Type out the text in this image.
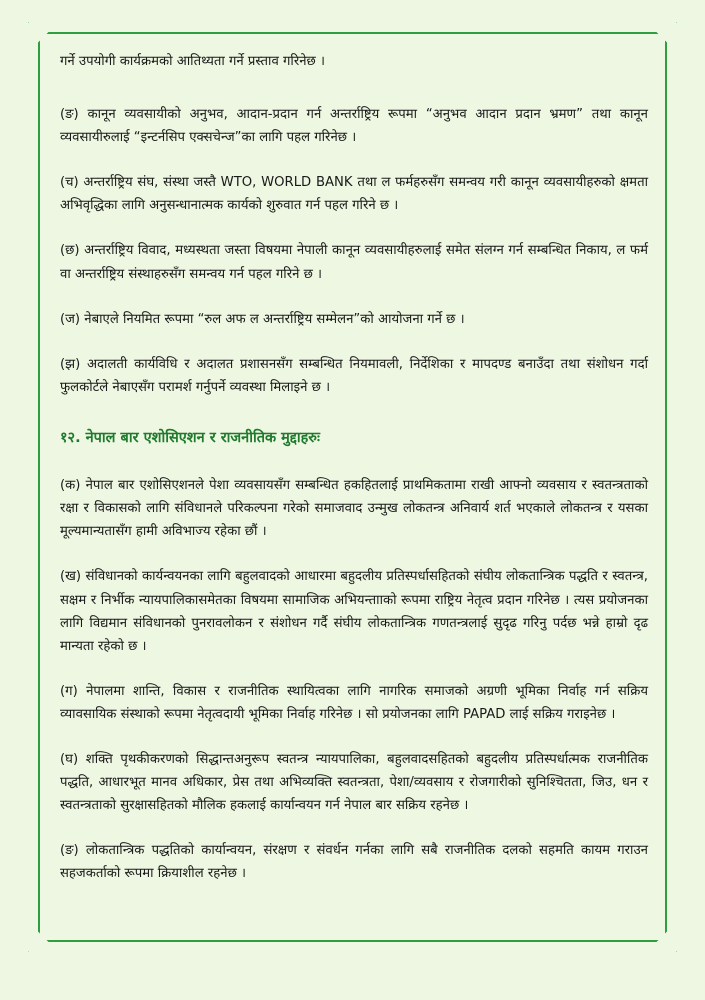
गर्ने उपयोगी कार्यक्रमको आतिथ्यता गर्ने प्रस्ताव गरिनेछ ।

(ङ) कानून व्यवसायीको अनुभव, आदान-प्रदान गर्न अन्तर्राष्ट्रिय रूपमा “अनुभव आदान प्रदान भ्रमण” तथा कानून व्यवसायीरुलाई “इन्टर्नसिप एक्सचेन्ज”का लागि पहल गरिनेछ ।

(च) अन्तर्राष्ट्रिय संघ, संस्था जस्तै WTO, WORLD BANK तथा ल फर्महरुसँग समन्वय गरी कानून व्यवसायीहरुको क्षमता अभिवृद्धिका लागि अनुसन्धानात्मक कार्यको शुरुवात गर्न पहल गरिने छ ।

(छ) अन्तर्राष्ट्रिय विवाद, मध्यस्थता जस्ता विषयमा नेपाली कानून व्यवसायीहरुलाई समेत संलग्न गर्न सम्बन्धित निकाय, ल फर्म वा अन्तर्राष्ट्रिय संस्थाहरुसँग समन्वय गर्न पहल गरिने छ ।

(ज) नेबाएले नियमित रूपमा “रुल अफ ल अन्तर्राष्ट्रिय सम्मेलन”को आयोजना गर्ने छ ।

(झ) अदालती कार्यविधि र अदालत प्रशासनसँग सम्बन्धित नियमावली, निर्देशिका र मापदण्ड बनाउँदा तथा संशोधन गर्दा फुलकोर्टले नेबाएसँग परामर्श गर्नुपर्ने व्यवस्था मिलाइने छ ।

१२. नेपाल बार एशोसिएशन र राजनीतिक मुद्दाहरुः

(क) नेपाल बार एशोसिएशनले पेशा व्यवसायसँग सम्बन्धित हकहितलाई प्राथमिकतामा राखी आफ्नो व्यवसाय र स्वतन्त्रताको रक्षा र विकासको लागि संविधानले परिकल्पना गरेको समाजवाद उन्मुख लोकतन्त्र अनिवार्य शर्त भएकाले लोकतन्त्र र यसका मूल्यमान्यतासँग हामी अविभाज्य रहेका छौं ।

(ख) संविधानको कार्यन्वयनका लागि बहुलवादको आधारमा बहुदलीय प्रतिस्पर्धासहितको संघीय लोकतान्त्रिक पद्धति र स्वतन्त्र, सक्षम र निर्भीक न्यायपालिकासमेतका विषयमा सामाजिक अभियन्तााको रूपमा राष्ट्रिय नेतृत्व प्रदान गरिनेछ । त्यस प्रयोजनका लागि विद्यमान संविधानको पुनरावलोकन र संशोधन गर्दै संघीय लोकतान्त्रिक गणतन्त्रलाई सुदृढ गरिनु पर्दछ भन्ने हाम्रो दृढ मान्यता रहेको छ ।

(ग) नेपालमा शान्ति, विकास र राजनीतिक स्थायित्वका लागि नागरिक समाजको अग्रणी भूमिका निर्वाह गर्न सक्रिय व्यावसायिक संस्थाको रूपमा नेतृत्वदायी भूमिका निर्वाह गरिनेछ । सो प्रयोजनका लागि PAPAD लाई सक्रिय गराइनेछ ।

(घ) शक्ति पृथकीकरणको सिद्धान्तअनुरूप स्वतन्त्र न्यायपालिका, बहुलवादसहितको बहुदलीय प्रतिस्पर्धात्मक राजनीतिक पद्धति, आधारभूत मानव अधिकार, प्रेस तथा अभिव्यक्ति स्वतन्त्रता, पेशा/व्यवसाय र रोजगारीको सुनिश्चितता, जिउ, धन र स्वतन्त्रताको सुरक्षासहितको मौलिक हकलाई कार्यान्वयन गर्न नेपाल बार सक्रिय रहनेछ ।

(ङ) लोकतान्त्रिक पद्धतिको कार्यान्वयन, संरक्षण र संवर्धन गर्नका लागि सबै राजनीतिक दलको सहमति कायम गराउन सहजकर्ताको रूपमा क्रियाशील रहनेछ ।
